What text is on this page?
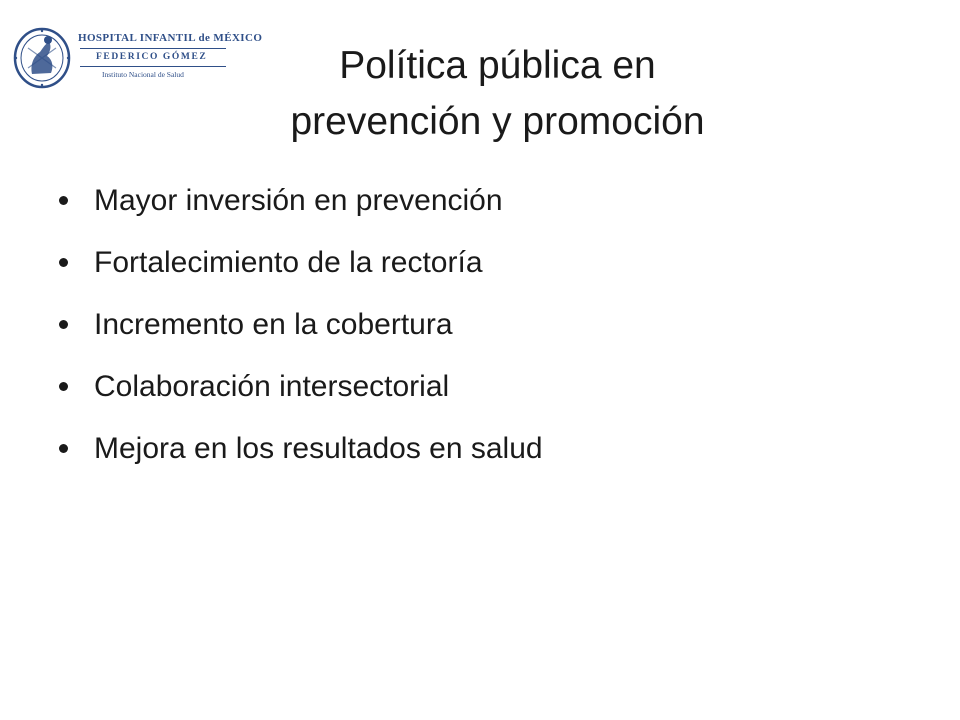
HOSPITAL INFANTIL de MÉXICO
FEDERICO GÓMEZ
Instituto Nacional de Salud	Política pública en
prevención y promoción
Mayor inversión en prevención
Fortalecimiento de la rectoría
Incremento en la cobertura
Colaboración intersectorial
Mejora en los resultados en salud
